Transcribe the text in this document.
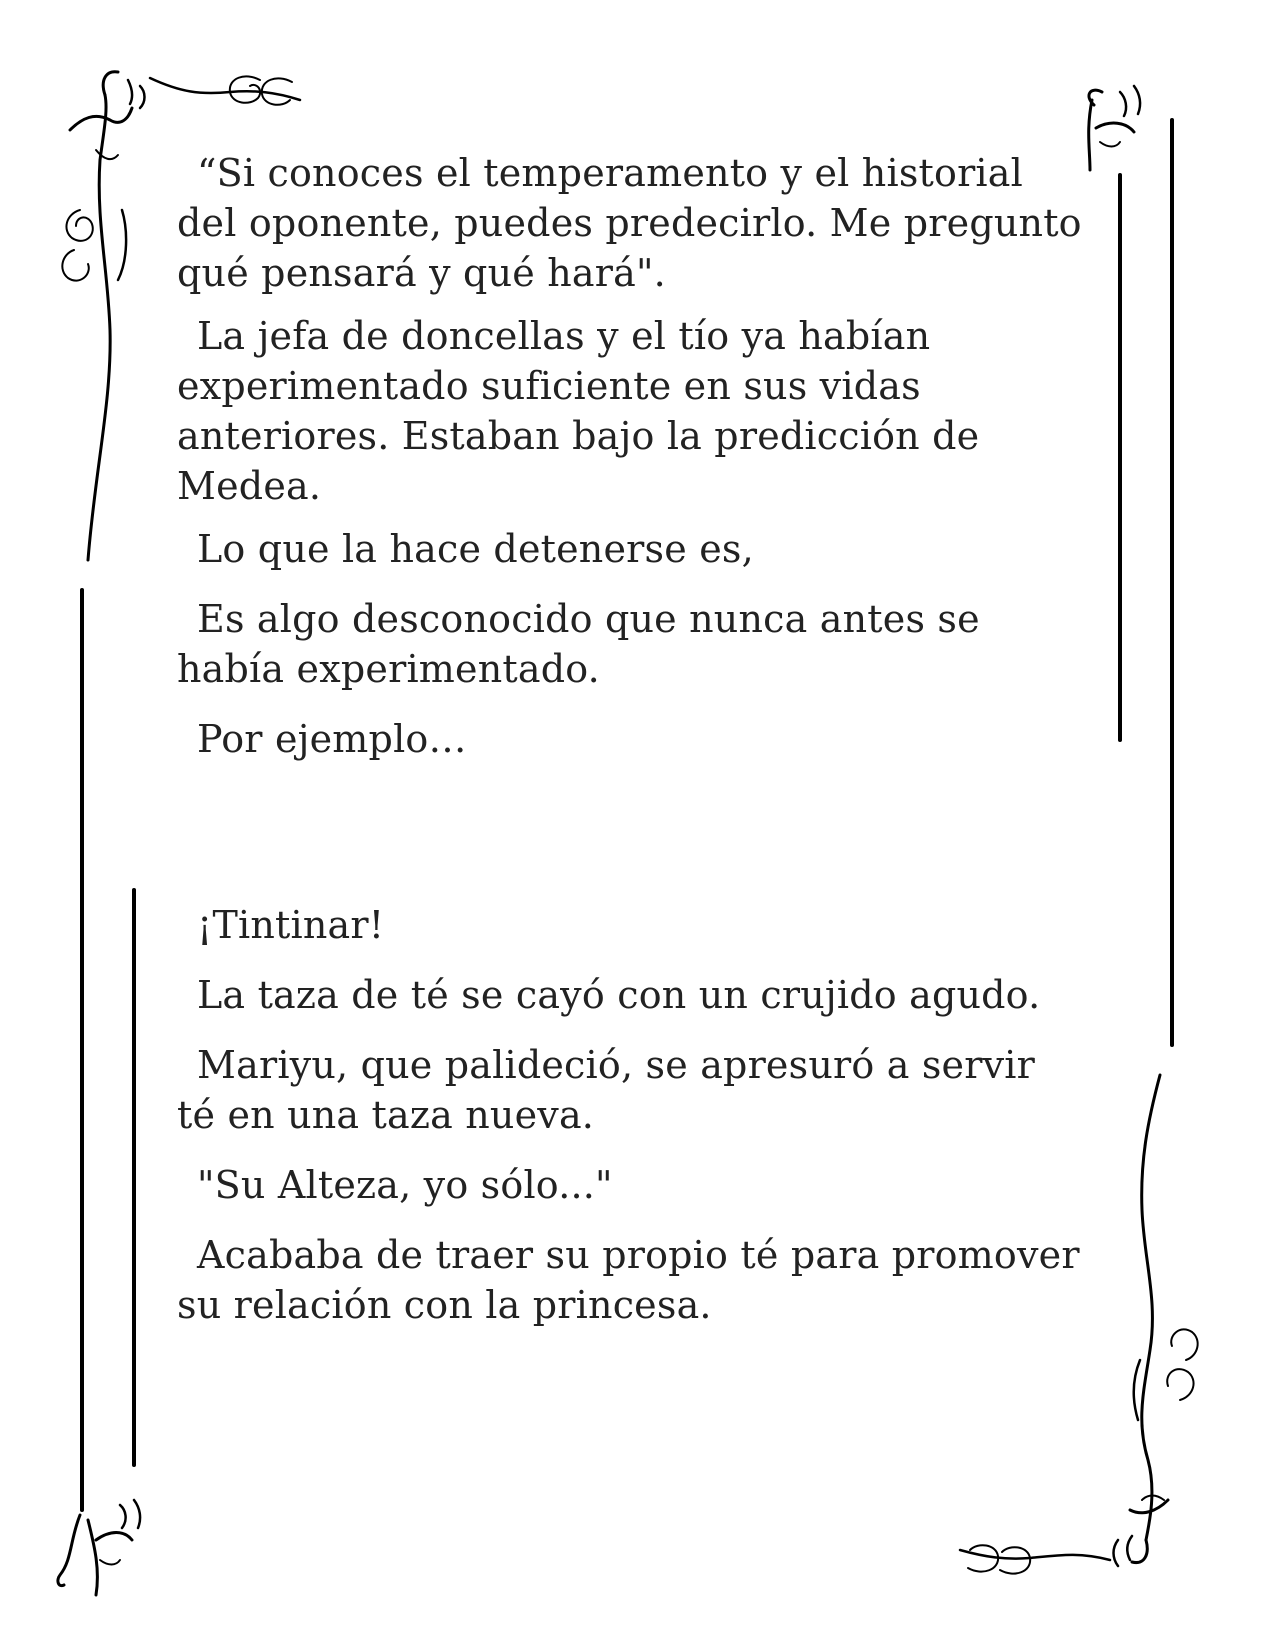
“Si conoces el temperamento y el historial del oponente, puedes predecirlo. Me pregunto qué pensará y qué hará".

La jefa de doncellas y el tío ya habían experimentado suficiente en sus vidas anteriores. Estaban bajo la predicción de Medea.

Lo que la hace detenerse es,

Es algo desconocido que nunca antes se había experimentado.

Por ejemplo…

¡Tintinar!

La taza de té se cayó con un crujido agudo.

Mariyu, que palideció, se apresuró a servir té en una taza nueva.

"Su Alteza, yo sólo..."

Acababa de traer su propio té para promover su relación con la princesa.
